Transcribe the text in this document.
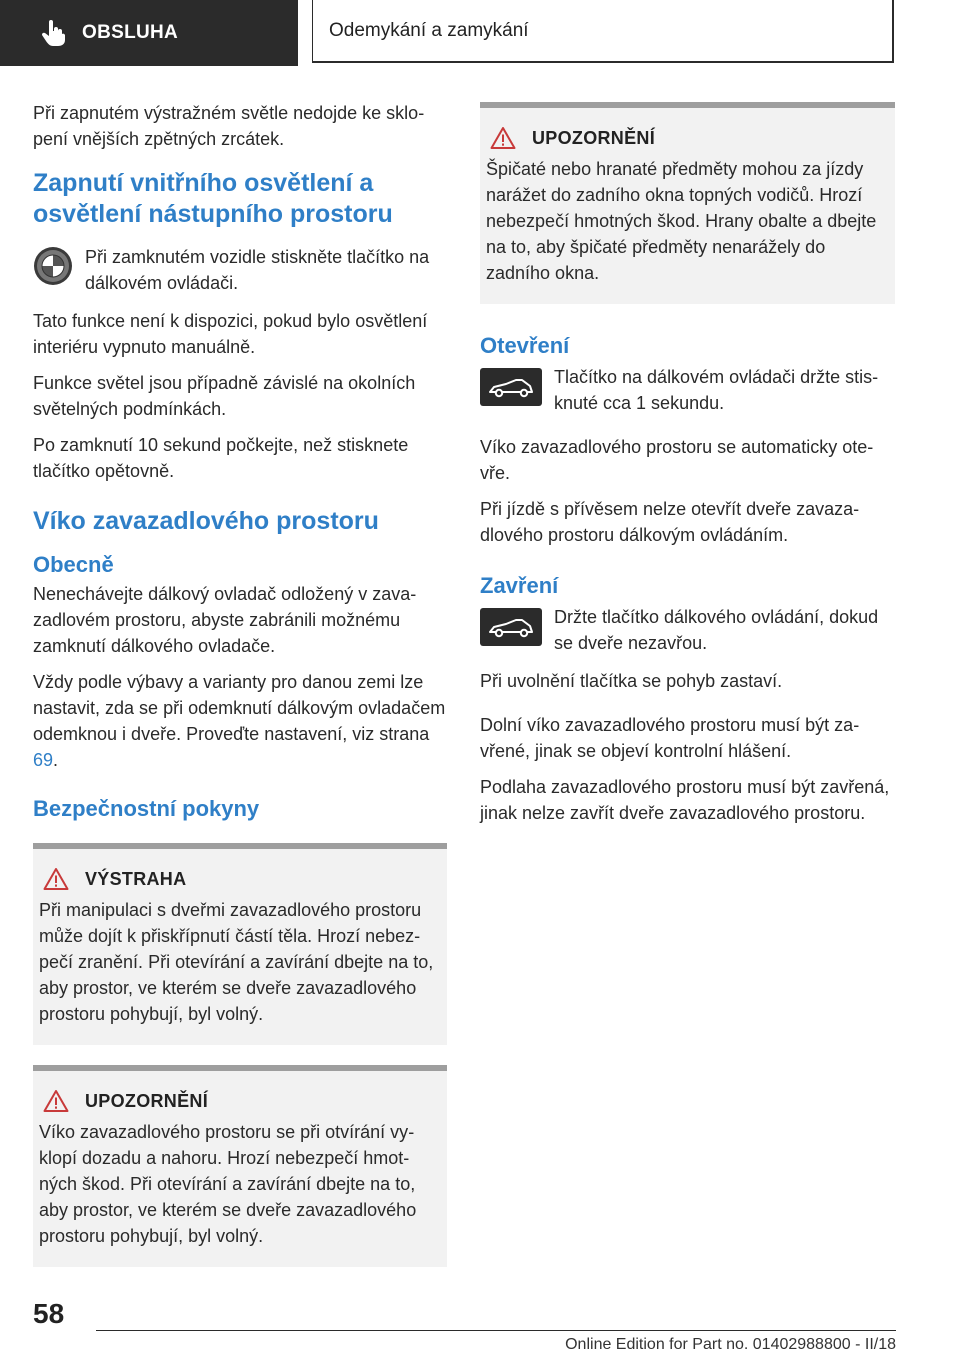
OBSLUHA	Odemykání a zamykání

Při zapnutém výstražném světle nedojde ke sklopení vnějších zpětných zrcátek.

Zapnutí vnitřního osvětlení a osvětlení nástupního prostoru
Při zamknutém vozidle stiskněte tlačítko na dálkovém ovládači.

Tato funkce není k dispozici, pokud bylo osvětlení interiéru vypnuto manuálně.

Funkce světel jsou případně závislé na okolních světelných podmínkách.

Po zamknutí 10 sekund počkejte, než stisknete tlačítko opětovně.

Víko zavazadlového prostoru
Obecně

Nenechávejte dálkový ovladač odložený v zavazadlovém prostoru, abyste zabránili možnému zamknutí dálkového ovladače.

Vždy podle výbavy a varianty pro danou zemi lze nastavit, zda se při odemknutí dálkovým ovladačem odemknou i dveře. Proveďte nastavení, viz strana 69.

Bezpečnostní pokyny
VÝSTRAHA

Při manipulaci s dveřmi zavazadlového prostoru může dojít k přiskřípnutí částí těla. Hrozí nebezpečí zranění. Při otevírání a zavírání dbejte na to, aby prostor, ve kterém se dveře zavazadlového prostoru pohybují, byl volný.

UPOZORNĚNÍ

Víko zavazadlového prostoru se při otvírání vyklopí dozadu a nahoru. Hrozí nebezpečí hmotných škod. Při otevírání a zavírání dbejte na to, aby prostor, ve kterém se dveře zavazadlového prostoru pohybují, byl volný.

UPOZORNĚNÍ

Špičaté nebo hranaté předměty mohou za jízdy narážet do zadního okna topných vodičů. Hrozí nebezpečí hmotných škod. Hrany obalte a dbejte na to, aby špičaté předměty nenarážely do zadního okna.

Otevření
Tlačítko na dálkovém ovládači držte stisknuté cca 1 sekundu.

Víko zavazadlového prostoru se automaticky otevře.

Při jízdě s přívěsem nelze otevřít dveře zavazadlového prostoru dálkovým ovládáním.

Zavření
Držte tlačítko dálkového ovládání, dokud se dveře nezavřou.

Při uvolnění tlačítka se pohyb zastaví.

Dolní víko zavazadlového prostoru musí být zavřené, jinak se objeví kontrolní hlášení.

Podlaha zavazadlového prostoru musí být zavřená, jinak nelze zavřít dveře zavazadlového prostoru.

58
Online Edition for Part no. 01402988800 - II/18
